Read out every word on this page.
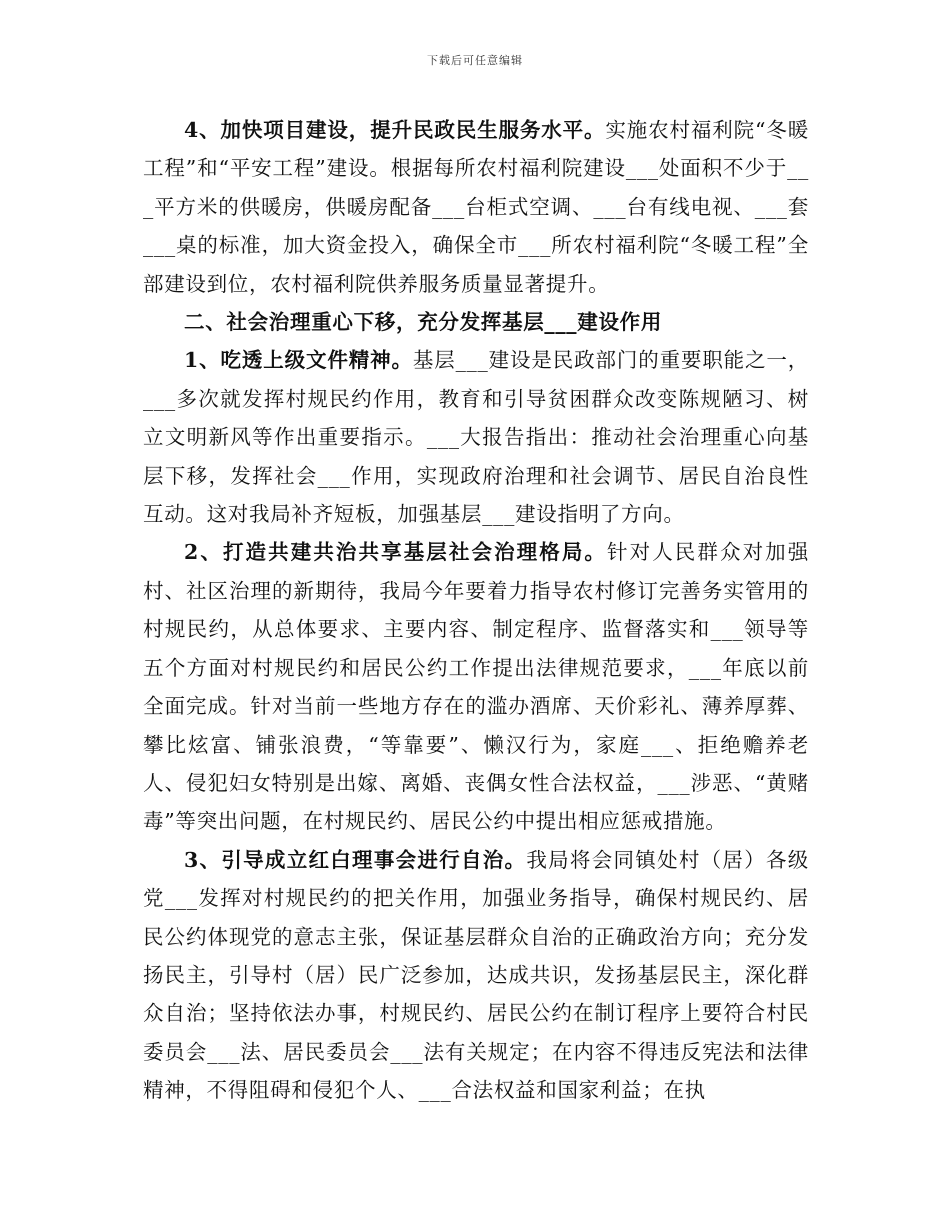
下载后可任意编辑

4、加快项目建设，提升民政民生服务水平。实施农村福利院“冬暖工程”和“平安工程”建设。根据每所农村福利院建设___处面积不少于___平方米的供暖房，供暖房配备___台柜式空调、___台有线电视、___套___桌的标准，加大资金投入，确保全市___所农村福利院“冬暖工程”全部建设到位，农村福利院供养服务质量显著提升。

二、社会治理重心下移，充分发挥基层___建设作用

1、吃透上级文件精神。基层___建设是民政部门的重要职能之一，___多次就发挥村规民约作用，教育和引导贫困群众改变陈规陋习、树立文明新风等作出重要指示。___大报告指出：推动社会治理重心向基层下移，发挥社会___作用，实现政府治理和社会调节、居民自治良性互动。这对我局补齐短板，加强基层___建设指明了方向。

2、打造共建共治共享基层社会治理格局。针对人民群众对加强村、社区治理的新期待，我局今年要着力指导农村修订完善务实管用的村规民约，从总体要求、主要内容、制定程序、监督落实和___领导等五个方面对村规民约和居民公约工作提出法律规范要求，___年底以前全面完成。针对当前一些地方存在的滥办酒席、天价彩礼、薄养厚葬、攀比炫富、铺张浪费，“等靠要”、懒汉行为，家庭___、拒绝赡养老人、侵犯妇女特别是出嫁、离婚、丧偶女性合法权益，___涉恶、“黄赌毒”等突出问题，在村规民约、居民公约中提出相应惩戒措施。

3、引导成立红白理事会进行自治。我局将会同镇处村（居）各级党___发挥对村规民约的把关作用，加强业务指导，确保村规民约、居民公约体现党的意志主张，保证基层群众自治的正确政治方向；充分发扬民主，引导村（居）民广泛参加，达成共识，发扬基层民主，深化群众自治；坚持依法办事，村规民约、居民公约在制订程序上要符合村民委员会___法、居民委员会___法有关规定；在内容不得违反宪法和法律精神，不得阻碍和侵犯个人、___合法权益和国家利益；在执
